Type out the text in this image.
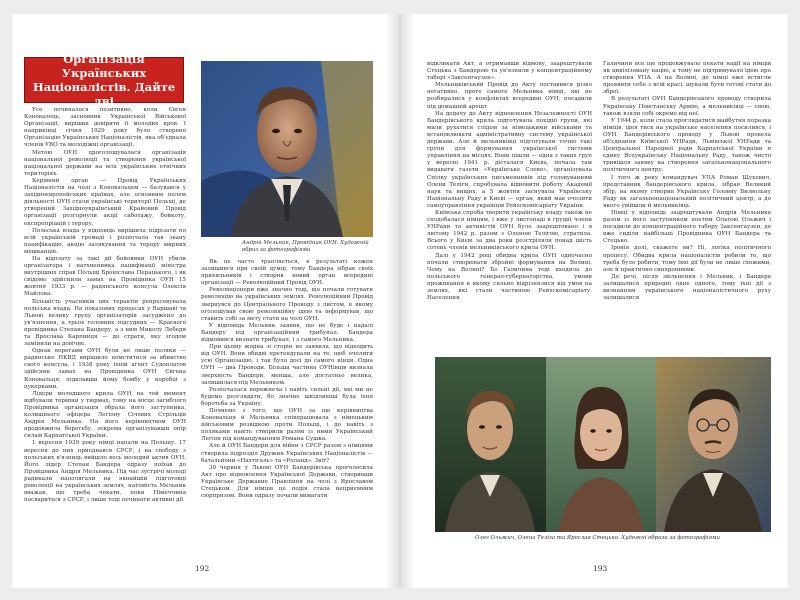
Організація Українських Націоналістів. Дайте дві

Усе починалося позитивно, коли Євген Коновалець, засновник Української Військової Організації, вирішив довірити її молодих кров. І наприкінці січня 1929 року було створено Організацію Українських Націоналістів, яка об'єднала членів УВО та молодіжні організації.

Метою ОУН проголошувалася організація національної революції та створення української національної держави на всіх українських етнічних територіях.

Керівний орган — Провід Українських Націоналістів на чолі з Коновальцем — базувався у західноєвропейських країнах, але основним полем діяльності ОУН стали українські території Польщі, де утворений Західноукраїнський Крайовий Провід організації розгорнули акції саботажу, бойкоту, експропріацій і терору.

Польська влада у відповідь вирішила підрізати по всій українській громаді і розпочала так звану пацифікацію, акцію залякування та терору мирних мешканців.

На відплату за такі дії бойовики ОУН убили організатора і натхненника пацифікації міністра внутрішніх справ Польщі Броніслава Перацького, і як свідомо здійснили замах на Провідника ОУН 15 жовтня 1933 р. — радянського консула Олексія Майлова.

Більшість учасників цих терактів репресовувала польська влада. На показових процесах у Варшаві та Львові велику групу організаторів засуджено до ув'язнення, а трьох головних підсудних — Краєвого провідника Степана Бандеру, а з ним Миколу Лебедя та Ярослава Карпинця — до страти, яку згодом замінили на довічне.

Однак ворогами ОУН були не лише поляки — радянське НКВД вирішило помститися за вбивство свого консула, і 1938 року їхній агент Судоплатов здійснив замах на Провідника ОУН Євгена Коновальця, підклавши йому бомбу у коробці з цукерками.

Лідери молодшого крила ОУН на той момент відбували терміни у тюрмах, тому на місце загиблого Провідника організація обрала його заступника, колишнього офіцера Легіону Січових Стрільців Андрія Мельника. На його керівництвом ОУН продовжила боротьбу, зокрема організувавши опір силам Карпатської України.

1 вересня 1939 року німці напали на Польщу. 17 вересня до них приєднався СРСР, і на свободу з польських в'язниць вийшло весь молодий актив ОУН. Його лідер Степан Бандера одразу поїхав до Провідника Андрія Мельника. Під час зустрічі молоді радикали наполягали на якнайшій підготовці революції на українських землях, натомість Мельник вважав, що треба чекати, поки Німеччина посвариться з СРСР, і лише тоді починати активні дії.

Андрій Мельник, Провідник ОУН. Художній образ за фотографіями

Як це часто трапляється, в результаті кожен залишився при своїй думці, тому Бандера зібрав своїх прихильників і створив новий орган всередині організації — Революційний Провід ОУН.

Революціонери вже значно тоді, що почали готувати революцію на українських землях. Революційний Провід звернувся до Центрального Проводу з листом, в якому оголошував свою революційну ідею та інформував, що ставить собі за мету стати на чолі ОУН.

У відповідь Мельник заявив, що не буде і надалі Бандеру під організаційний трибунал. Бандера відмовився визнати трибунал, і з самого Мельника.

При цьому жодна зі сторін не заявила, що відходить від ОУН. Вони обидві претендували на те, щоб очолити усю Організацію, і так було досі до самого кінця. Одна ОУН — два Проводи. Більша частина ОУНівців визнала зверхність Бандери, менша, але достатньо велика, залишилася під Мельником.

Розпочалася ворожнеча і навіть сильні дії, які ми не будемо розглядати, бо значно шкідливіші була їхня боротьба за Україну.

Почнемо з того, що ОУН за ще керівництва Коновальця й Мельника співпрацювала з німецьким військовим розвідкою проти Польщі, і до навіть з поляками навіть створили разом із ними Український Легіон під командуванням Романа Сушка.

Але й ОУН Бандери для війни з СРСР разом з німцями створила підрозділ Дружин Українських Націоналістів — батальйони «Нахтігаль» та «Роланд». Звіт?

30 червня у Львові ОУН Бандерівська проголосила Акт про відновлення Української Держави, створивши Українське Державне Правління на чолі з Ярославом Стецьком. Для німців це подія стала неприємним сюрпризом. Вони одразу почали вимагати

192

відкликати Акт, а отримавши відмову, заарештували Стецька з Бандерою та ув'язнили у концентраційному таборі «Заксенгаузен».

Мельниківський Провід до Акту поставився різко негативно, проте самого Мельника німці, які не розбиралися у конфліктах всередині ОУН, посадили під домашній арешт.

На додачу до Акту відновлення Незалежності ОУН Бандерівського крила підготувала похідні групи, які мали рухатися слідом за німецькими військами та встановлювати адміністративну систему української держави. Але й мельниківці підготували точно такі групи для формування української системи управління на місцях. Вони пішли — одна з таких груп у вересні 1941 р. дісталася Києва, почала там видавати газети «Українське Слово», організувала Спілку українських письменників під головуванням Олени Теліги, спробувала відновити роботу Академії наук та вищих, а 5 жовтня заснувала Українську Національну Раду в Києві — орган, який мав очолити самоуправління українців Рейхскомісаріату України.

Київська спроба творити українську владу також не сподобалася німцям, і вже у листопаді в грудні члени УНРади та активістів ОУН було заарештовано і в лютому 1942 р. разом з Оленою Телігою, стратила. Всього у Києві за два роки розстріляли понад шість сотень членів мельниківського крила ОУН.

Далі у 1942 році обидва крила ОУН одночасно почали створювати збройні формування на Волині. Чому на Волині? Бо Галичина тоді входила до польського генерал-губернаторства, умови проживання в якому сильно відрізнялися від умов на землях, які стали частиною Рейхскомісаріату. Населення

Галичини все ще продовжувало пекати надії на німців як цивілізовану націю, а тому не підтримувало ідею про створення УПА. А на Волині, де німці вже встигли проявити себе з всій красі, шукали бути готові стати до зброї.

В результаті ОУН Бандерівського проводу створила Українську Повстанську Армію, а мельниківці — свою, також взяли собі окремо від неї.

У 1944 р. коли стала проглядатися майбутня поразка німців, ідея тиск на українське населення посилився, і ОУН Бандерівського проводу у Львові провела об'єднання Київської УНРади, Львівської УНРади та Центральної Народної ради Карпатської України в єдину Всеукраїнську Національну Раду, також чисто тривішля заявку на створення загальнонаціонального політичного центру.

І того ж року командувач УПА Роман Шухевич, представник бандерівського крила, зібрав Великий збір, на якому створив Українську Головну Визвольну Раду як загальнонаціональний політичний центр, а до якого увійшли й мельниківці.

Німці у відповідь заарештували Андрія Мельника разом із його заступником поетом Ольгою Ольжич і посадили до концентраційного табору Заксенгаузен, де вже сиділи найбільші Провідника ОУН Бандера та Стецько.

Іронія долі, скажете ви? Ні, логіка політичного процесу. Обидва крила націоналістів робили те, що треба було робити, тому їхні дії були не лише схожими, але й практично синхронними.

До речі, після звільнення і Мельник, і Бандера залишалися природні одне одного, тому їхні дії з визнанням українського націоналістичного руху залишалися

Олег Ольжич, Олена Теліга та Ярослав Стецько. Художні образи за фотографіями
193
